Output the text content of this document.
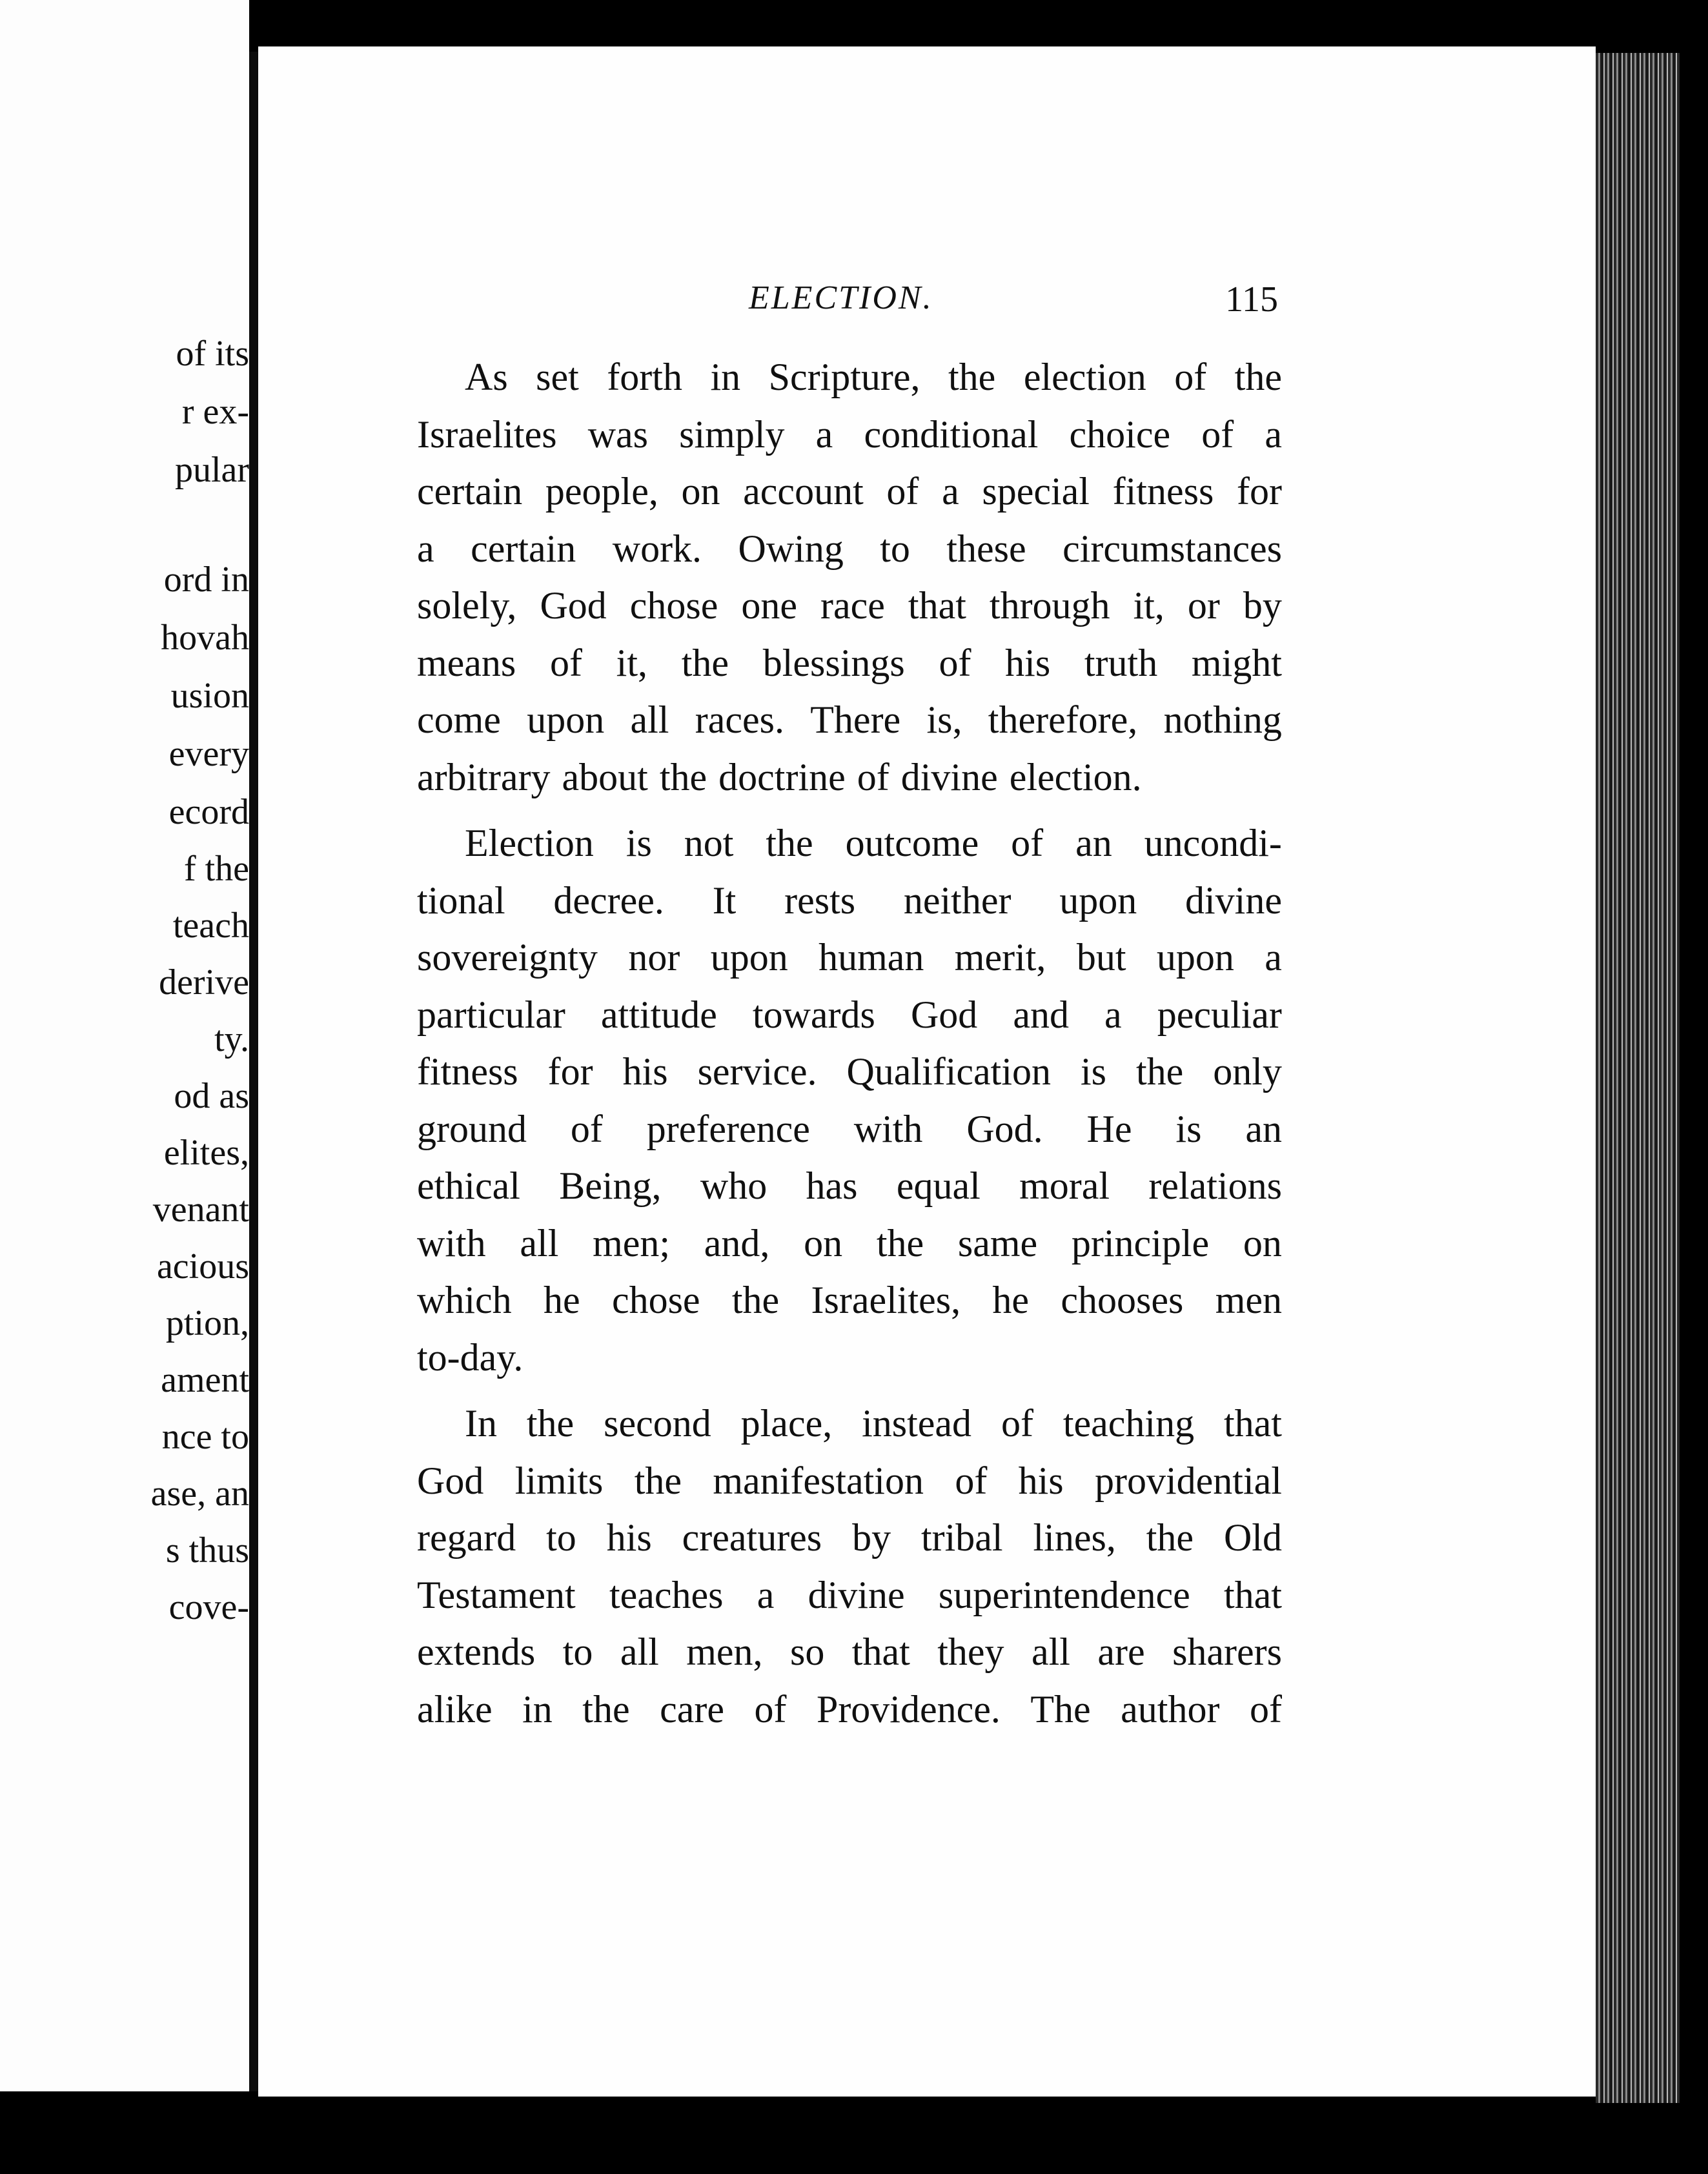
of its
r ex-
pular
ord in
hovah
usion
every
ecord
f the
teach
derive
ty.
od as
elites,
venant
acious
ption,
ament
nce to
ase, an
s thus
cove-
ELECTION.	115
As set forth in Scripture, the election of the
Israelites was simply a conditional choice of a
certain people, on account of a special fitness for
a certain work. Owing to these circumstances
solely, God chose one race that through it, or by
means of it, the blessings of his truth might
come upon all races. There is, therefore, nothing
arbitrary about the doctrine of divine election.
Election is not the outcome of an uncondi-
tional decree. It rests neither upon divine
sovereignty nor upon human merit, but upon a
particular attitude towards God and a peculiar
fitness for his service. Qualification is the only
ground of preference with God. He is an
ethical Being, who has equal moral relations
with all men; and, on the same principle on
which he chose the Israelites, he chooses men
to-day.
In the second place, instead of teaching that
God limits the manifestation of his providential
regard to his creatures by tribal lines, the Old
Testament teaches a divine superintendence that
extends to all men, so that they all are sharers
alike in the care of Providence. The author of
